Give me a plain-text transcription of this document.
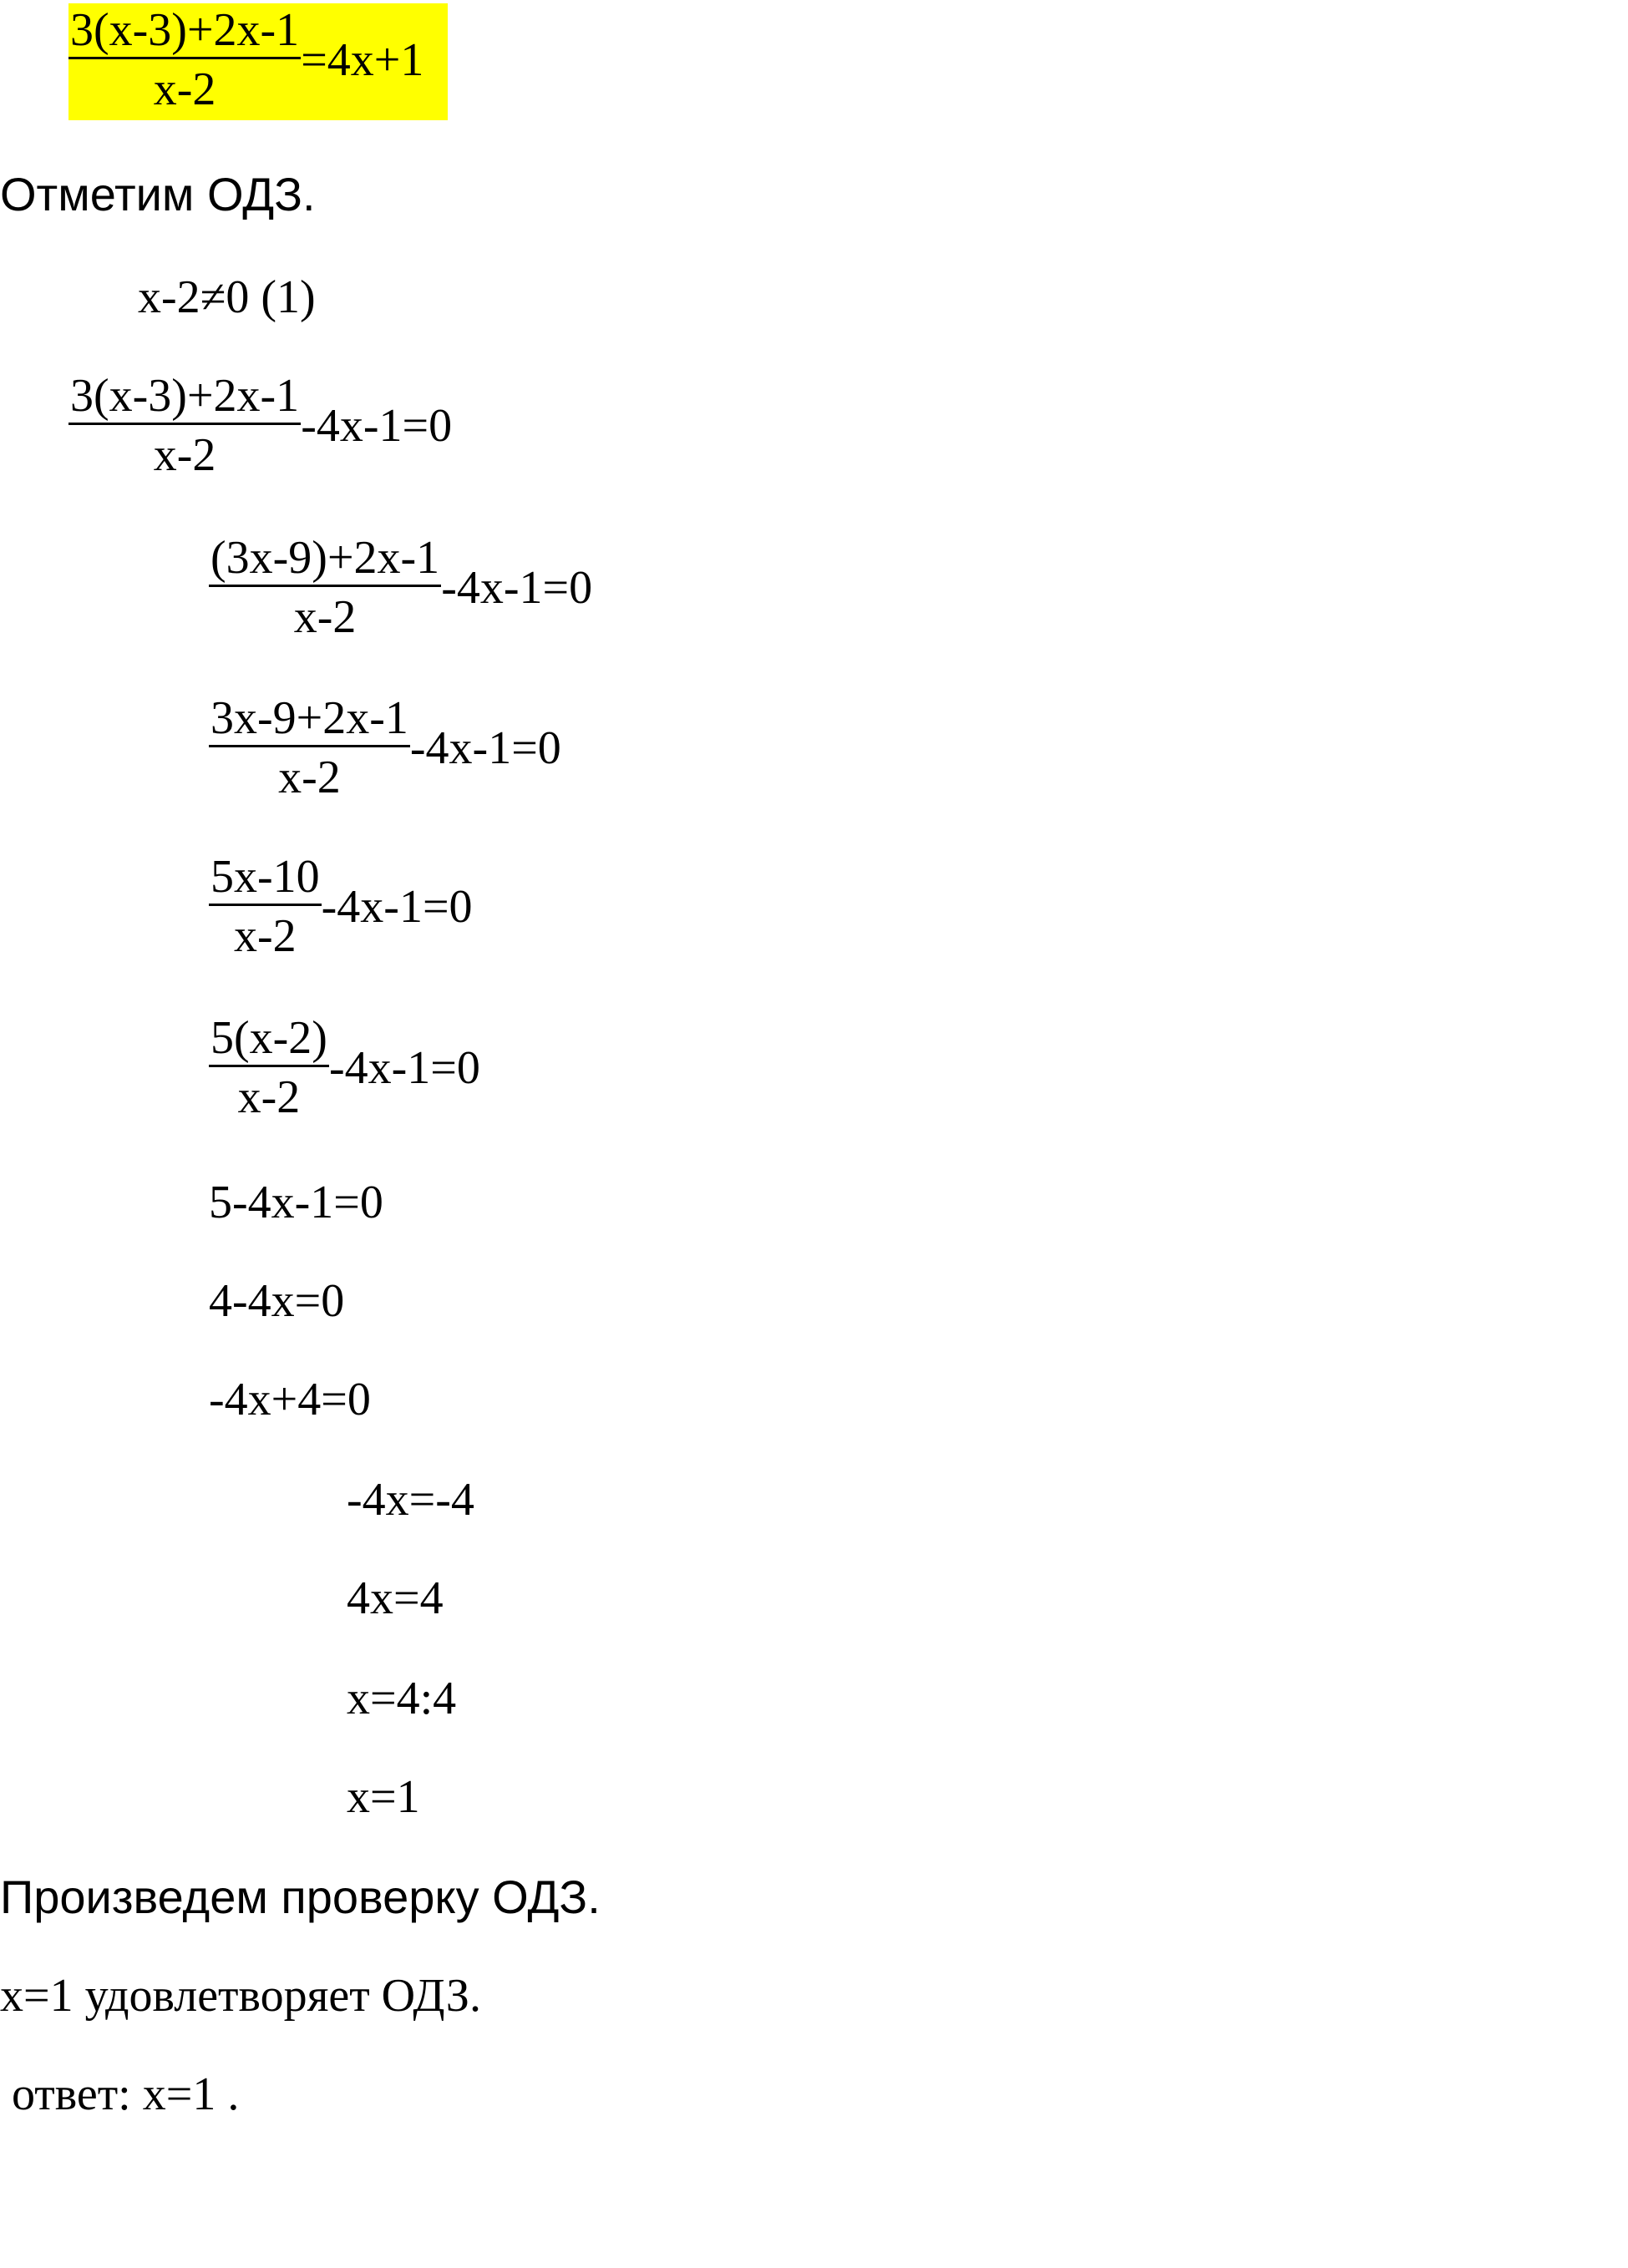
$\frac{3(x-3)+2x-1}{x-2} =4x+1$
Отметим ОДЗ.
x-2≠0 (1)
$\frac{3(x-3)+2x-1}{x-2} -4x-1=0$
$\frac{(3x-9)+2x-1}{x-2} -4x-1=0$
$\frac{3x-9+2x-1}{x-2} -4x-1=0$
$\frac{5x-10}{x-2} -4x-1=0$
$\frac{5(x-2)}{x-2} -4x-1=0$
5-4x-1=0
4-4x=0
-4x+4=0
-4x=-4
4x=4
x=4:4
x=1
Произведем проверку ОДЗ.
x=1 удовлетворяет ОДЗ.
ответ: x=1 .
